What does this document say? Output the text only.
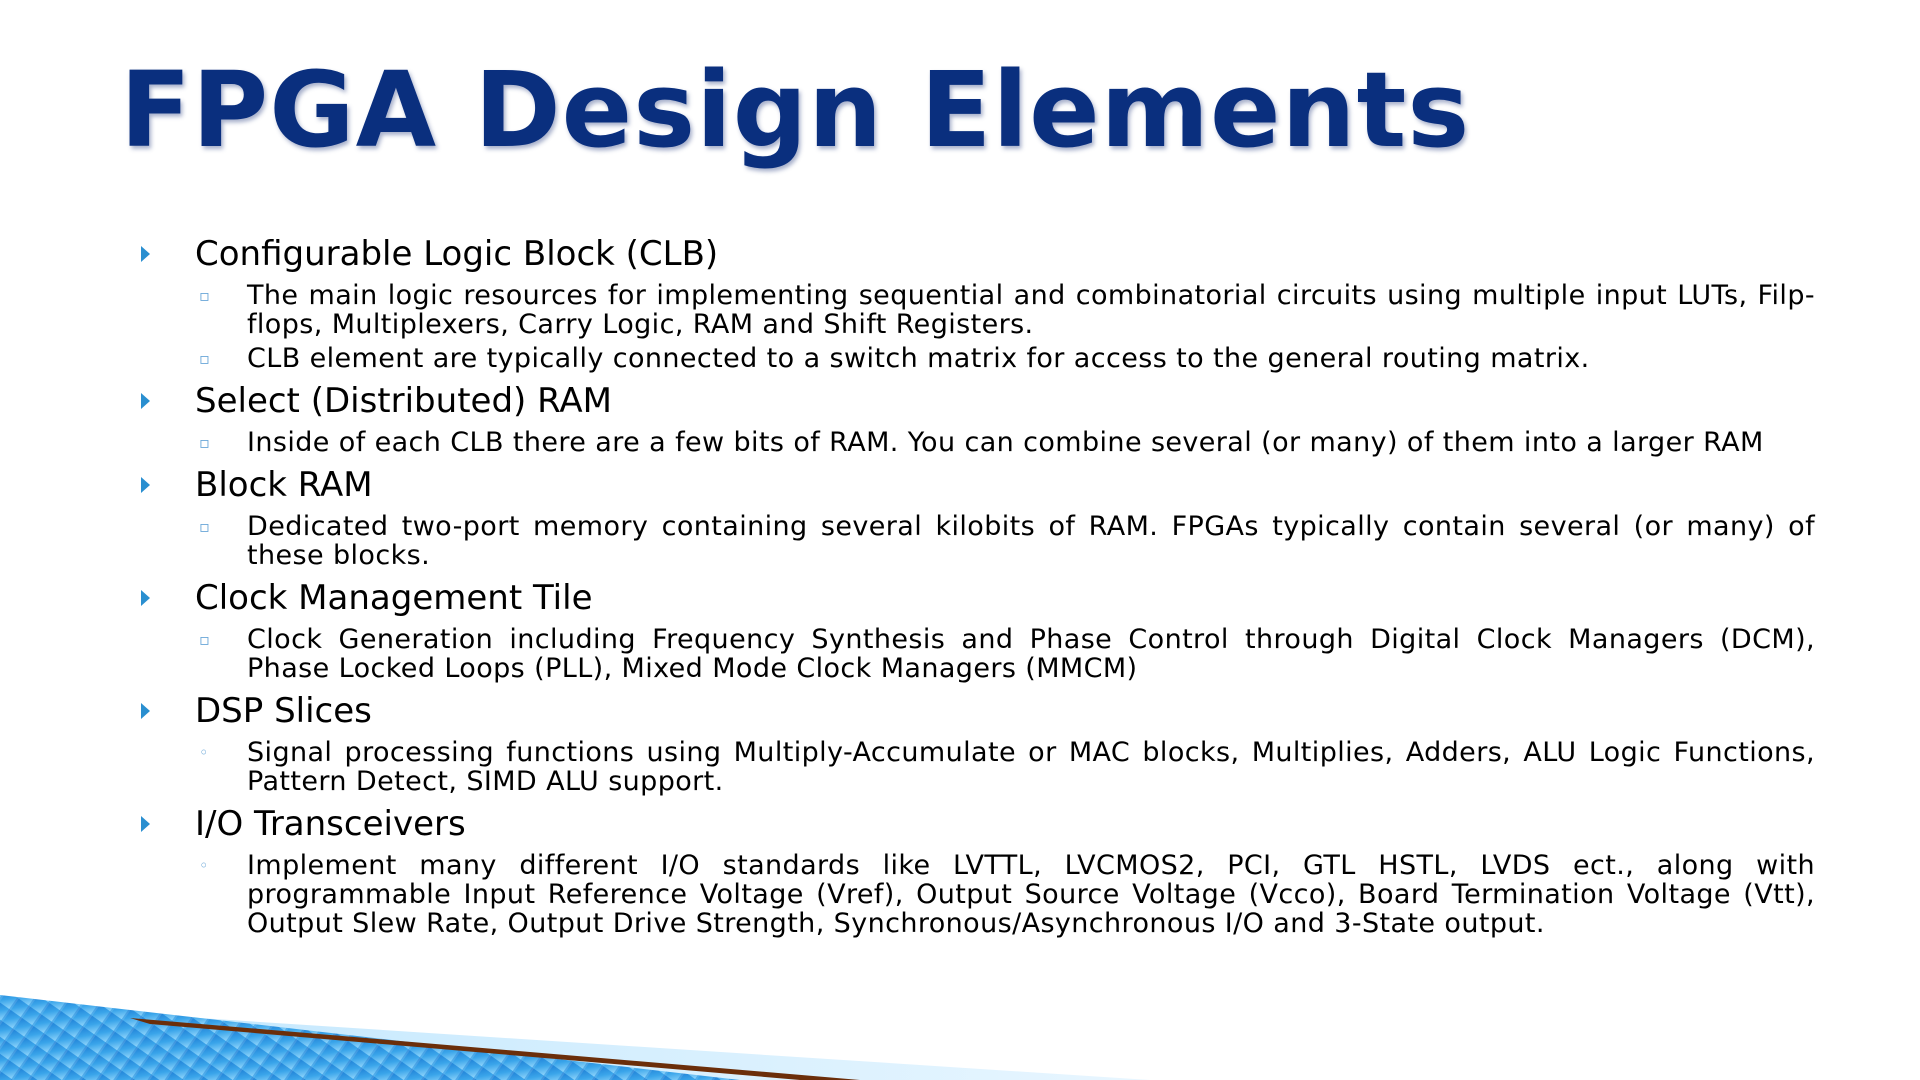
FPGA Design Elements
Configurable Logic Block (CLB)
▫ The main logic resources for implementing sequential and combinatorial circuits using multiple input LUTs, Filp-flops, Multiplexers, Carry Logic, RAM and Shift Registers.
▫ CLB element are typically connected to a switch matrix for access to the general routing matrix.
Select (Distributed) RAM
▫ Inside of each CLB there are a few bits of RAM. You can combine several (or many) of them into a larger RAM
Block RAM
▫ Dedicated two-port memory containing several kilobits of RAM. FPGAs typically contain several (or many) of these blocks.
Clock Management Tile
▫ Clock Generation including Frequency Synthesis and Phase Control through Digital Clock Managers (DCM), Phase Locked Loops (PLL), Mixed Mode Clock Managers (MMCM)
DSP Slices
◦ Signal processing functions using Multiply-Accumulate or MAC blocks, Multiplies, Adders, ALU Logic Functions, Pattern Detect, SIMD ALU support.
I/O Transceivers
◦ Implement many different I/O standards like LVTTL, LVCMOS2, PCI, GTL HSTL, LVDS ect., along with programmable Input Reference Voltage (Vref), Output Source Voltage (Vcco), Board Termination Voltage (Vtt), Output Slew Rate, Output Drive Strength, Synchronous/Asynchronous I/O and 3-State output.
